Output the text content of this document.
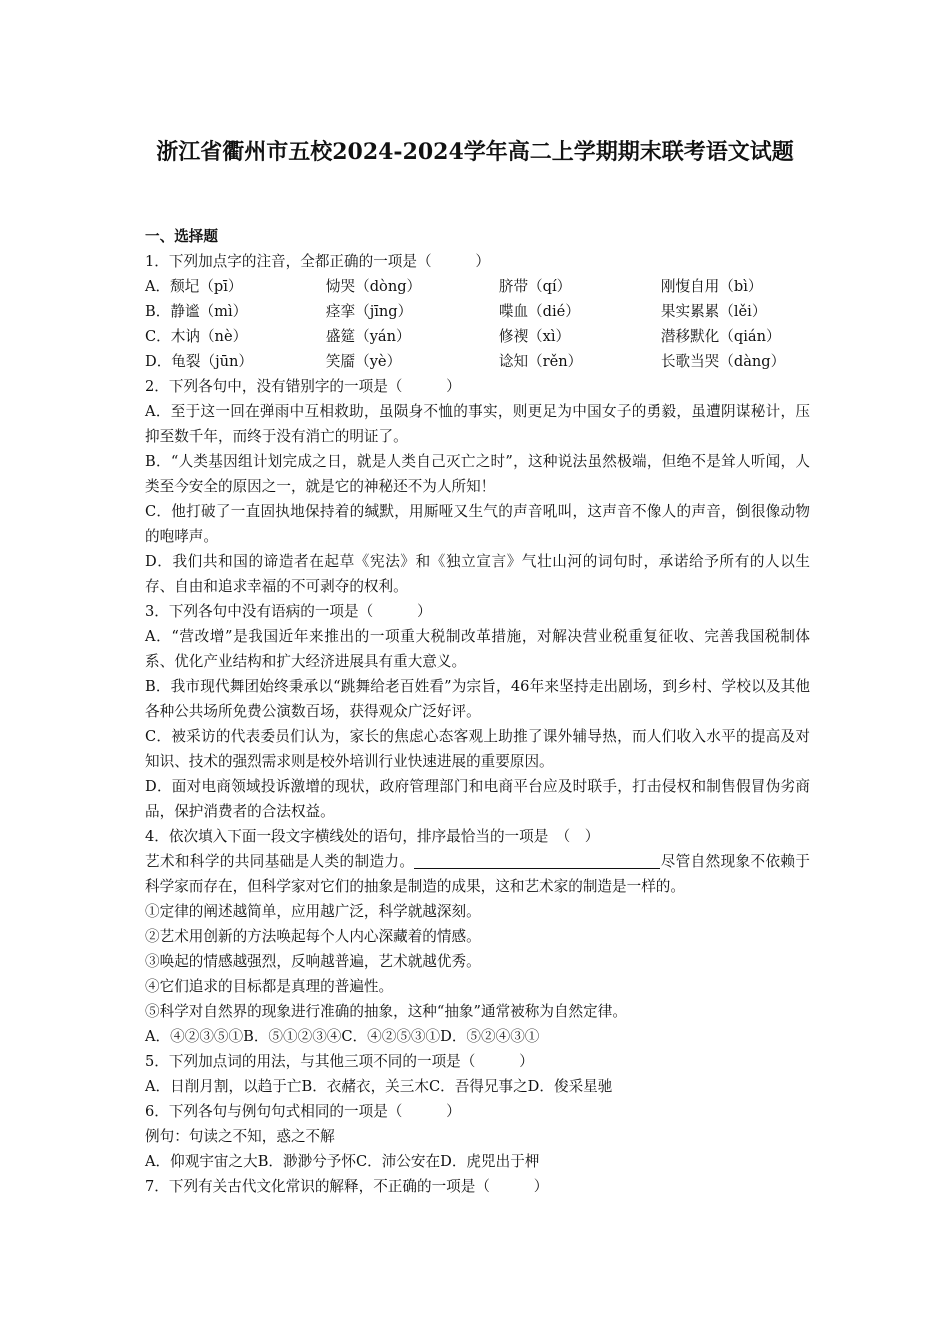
浙江省衢州市五校2024-2024学年高二上学期期末联考语文试题
一、选择题
1．下列加点字的注音，全都正确的一项是（　　　）
A．颓圮（pī）	恸哭（dòng）	脐带（qí）	刚愎自用（bì）
B．静谧（mì）	痉挛（jīng）	喋血（dié）	果实累累（lěi）
C．木讷（nè）	盛筵（yán）	修禊（xì）	潜移默化（qián）
D．龟裂（jūn）	笑靥（yè）	谂知（rěn）	长歌当哭（dàng）
2．下列各句中，没有错别字的一项是（　　　）
A．至于这一回在弹雨中互相救助，虽陨身不恤的事实，则更足为中国女子的勇毅，虽遭阴谋秘计，压抑至数千年，而终于没有消亡的明证了。
B．“人类基因组计划完成之日，就是人类自己灭亡之时”，这种说法虽然极端，但绝不是耸人听闻，人类至今安全的原因之一，就是它的神秘还不为人所知！
C．他打破了一直固执地保持着的缄默，用厮哑又生气的声音吼叫，这声音不像人的声音，倒很像动物的咆哮声。
D．我们共和国的谛造者在起草《宪法》和《独立宣言》气壮山河的词句时，承诺给予所有的人以生存、自由和追求幸福的不可剥夺的权利。
3．下列各句中没有语病的一项是（　　　）
A．“营改增”是我国近年来推出的一项重大税制改革措施，对解决营业税重复征收、完善我国税制体系、优化产业结构和扩大经济进展具有重大意义。
B．我市现代舞团始终秉承以“跳舞给老百姓看”为宗旨，46年来坚持走出剧场，到乡村、学校以及其他各种公共场所免费公演数百场，获得观众广泛好评。
C．被采访的代表委员们认为，家长的焦虑心态客观上助推了课外辅导热，而人们收入水平的提高及对知识、技术的强烈需求则是校外培训行业快速进展的重要原因。
D．面对电商领域投诉激增的现状，政府管理部门和电商平台应及时联手，打击侵权和制售假冒伪劣商品，保护消费者的合法权益。
4．依次填入下面一段文字横线处的语句，排序最恰当的一项是　（　）
艺术和科学的共同基础是人类的制造力。	尽管自然现象不依赖于科学家而存在，但科学家对它们的抽象是制造的成果，这和艺术家的制造是一样的。
①定律的阐述越简单，应用越广泛，科学就越深刻。
②艺术用创新的方法唤起每个人内心深藏着的情感。
③唤起的情感越强烈，反响越普遍，艺术就越优秀。
④它们追求的目标都是真理的普遍性。
⑤科学对自然界的现象进行准确的抽象，这种“抽象”通常被称为自然定律。
A．④②③⑤①B．⑤①②③④C．④②⑤③①D．⑤②④③①
5．下列加点词的用法，与其他三项不同的一项是（　　　）
A．日削月割，以趋于亡B．衣赭衣，关三木C．吾得兄事之D．俊采星驰
6．下列各句与例句句式相同的一项是（　　　）
例句：句读之不知，惑之不解
A．仰观宇宙之大B．渺渺兮予怀C．沛公安在D．虎兕出于柙
7．下列有关古代文化常识的解释，不正确的一项是（　　　）
